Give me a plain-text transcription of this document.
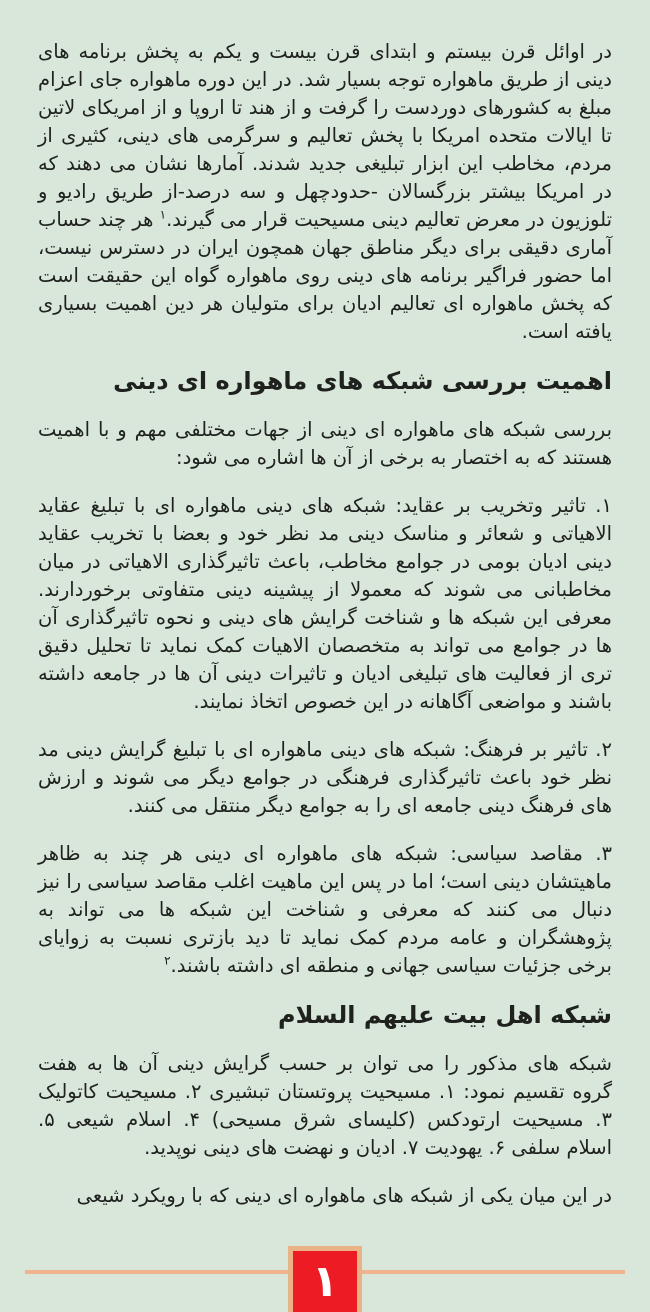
در اوائل قرن بیستم و ابتدای قرن بیست و یکم به پخش برنامه های دینی از طریق ماهواره توجه بسیار شد. در این دوره ماهواره جای اعزام مبلغ به کشورهای دوردست را گرفت و از هند تا اروپا و از امریکای لاتین تا ایالات متحده امریکا با پخش تعالیم و سرگرمی های دینی، کثیری از مردم، مخاطب این ابزار تبلیغی جدید شدند. آمارها نشان می دهند که در امریکا بیشتر بزرگسالان -حدودچهل و سه درصد-از طریق رادیو و تلوزیون در معرض تعالیم دینی مسیحیت قرار می گیرند.$^۱$ هر چند حساب آماری دقیقی برای دیگر مناطق جهان همچون ایران در دسترس نیست، اما حضور فراگیر برنامه های دینی روی ماهواره گواه این حقیقت است که پخش ماهواره ای تعالیم ادیان برای متولیان هر دین اهمیت بسیاری یافته است.

اهمیت بررسی شبکه های ماهواره ای دینی

بررسی شبکه های ماهواره ای دینی از جهات مختلفی مهم و با اهمیت هستند که به اختصار به برخی از آن ها اشاره می شود:

۱. تاثیر وتخریب بر عقاید: شبکه های دینی ماهواره ای با تبلیغ عقاید الاهیاتی و شعائر و مناسک دینی مد نظر خود و بعضا با تخریب عقاید دینی ادیان بومی در جوامع مخاطب، باعث تاثیرگذاری الاهیاتی در میان مخاطبانی می شوند که معمولا از پیشینه دینی متفاوتی برخوردارند. معرفی این شبکه ها و شناخت گرایش های دینی و نحوه تاثیرگذاری آن ها در جوامع می تواند به متخصصان الاهیات کمک نماید تا تحلیل دقیق تری از فعالیت های تبلیغی ادیان و تاثیرات دینی آن ها در جامعه داشته باشند و مواضعی آگاهانه در این خصوص اتخاذ نمایند.

۲. تاثیر بر فرهنگ: شبکه های دینی ماهواره ای با تبلیغ گرایش دینی مد نظر خود باعث تاثیرگذاری فرهنگی در جوامع دیگر می شوند و ارزش های فرهنگ دینی جامعه ای را به جوامع دیگر منتقل می کنند.

۳. مقاصد سیاسی: شبکه های ماهواره ای دینی هر چند به ظاهر ماهیتشان دینی است؛ اما در پس این ماهیت اغلب مقاصد سیاسی را نیز دنبال می کنند که معرفی و شناخت این شبکه ها می تواند به پژوهشگران و عامه مردم کمک نماید تا دید بازتری نسبت به زوایای برخی جزئیات سیاسی جهانی و منطقه ای داشته باشند.$^۲$

شبکه اهل بیت علیهم السلام

شبکه های مذکور را می توان بر حسب گرایش دینی آن ها به هفت گروه تقسیم نمود: ۱. مسیحیت پروتستان تبشیری ۲. مسیحیت کاتولیک ۳. مسیحیت ارتودکس (کلیسای شرق مسیحی) ۴. اسلام شیعی ۵. اسلام سلفی ۶. یهودیت ۷. ادیان و نهضت های دینی نوپدید.

در این میان یکی از شبکه های ماهواره ای دینی که با رویکرد شیعی

۱
